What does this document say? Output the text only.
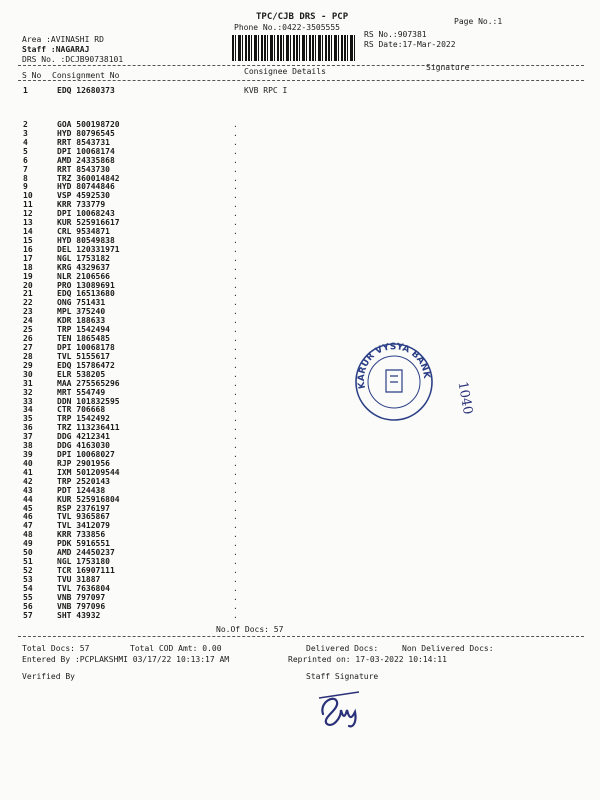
TPC/CJB DRS - PCP
Phone No.:0422-3505555
Page No.:1
Area :AVINASHI RD
Staff :NAGARAJ
DRS No. :DCJB90738101
RS No.:907381
RS Date:17-Mar-2022
S No Consignment No	Consignee Details	Signature
1	EDQ 12680373	KVB RPC I
2	GOA 500198720	.
3	HYD 80796545	.
4	RRT 8543731	.
5	DPI 10068174	.
6	AMD 24335868	.
7	RRT 8543730	.
8	TRZ 360014842	.
9	HYD 80744846	.
10	VSP 4592530	.
11	KRR 733779	.
12	DPI 10068243	.
13	KUR 525916617	.
14	CRL 9534871	.
15	HYD 80549838	.
16	DEL 120331971	.
17	NGL 1753182	.
18	KRG 4329637	.
19	NLR 2106566	.
20	PRO 13089691	.
21	EDQ 16513680	.
22	ONG 751431	.
23	MPL 375240	.
24	KDR 188633	.
25	TRP 1542494	.
26	TEN 1865485	.
27	DPI 10068178	.
28	TVL 5155617	.
29	EDQ 15786472	.
30	ELR 538205	.
31	MAA 275565296	.
32	MRT 554749	.
33	DDN 101832595	.
34	CTR 706668	.
35	TRP 1542492	.
36	TRZ 113236411	.
37	DDG 4212341	.
38	DDG 4163030	.
39	DPI 10068027	.
40	RJP 2901956	.
41	IXM 501209544	.
42	TRP 2520143	.
43	PDT 124438	.
44	KUR 525916804	.
45	RSP 2376197	.
46	TVL 9365867	.
47	TVL 3412079	.
48	KRR 733856	.
49	PDK 5916551	.
50	AMD 24450237	.
51	NGL 1753180	.
52	TCR 16907111	.
53	TVU 31887	.
54	TVL 7636804	.
55	VNB 797097	.
56	VNB 797096	.
57	SHT 43932	.
No.Of Docs: 57
Total Docs: 57	Total COD Amt: 0.00	Delivered Docs:	Non Delivered Docs:
Entered By :PCPLAKSHMI 03/17/22 10:13:17 AM	Reprinted on: 17-03-2022 10:14:11
Verified By	Staff Signature
KARUR VYSYA BANK
1040
